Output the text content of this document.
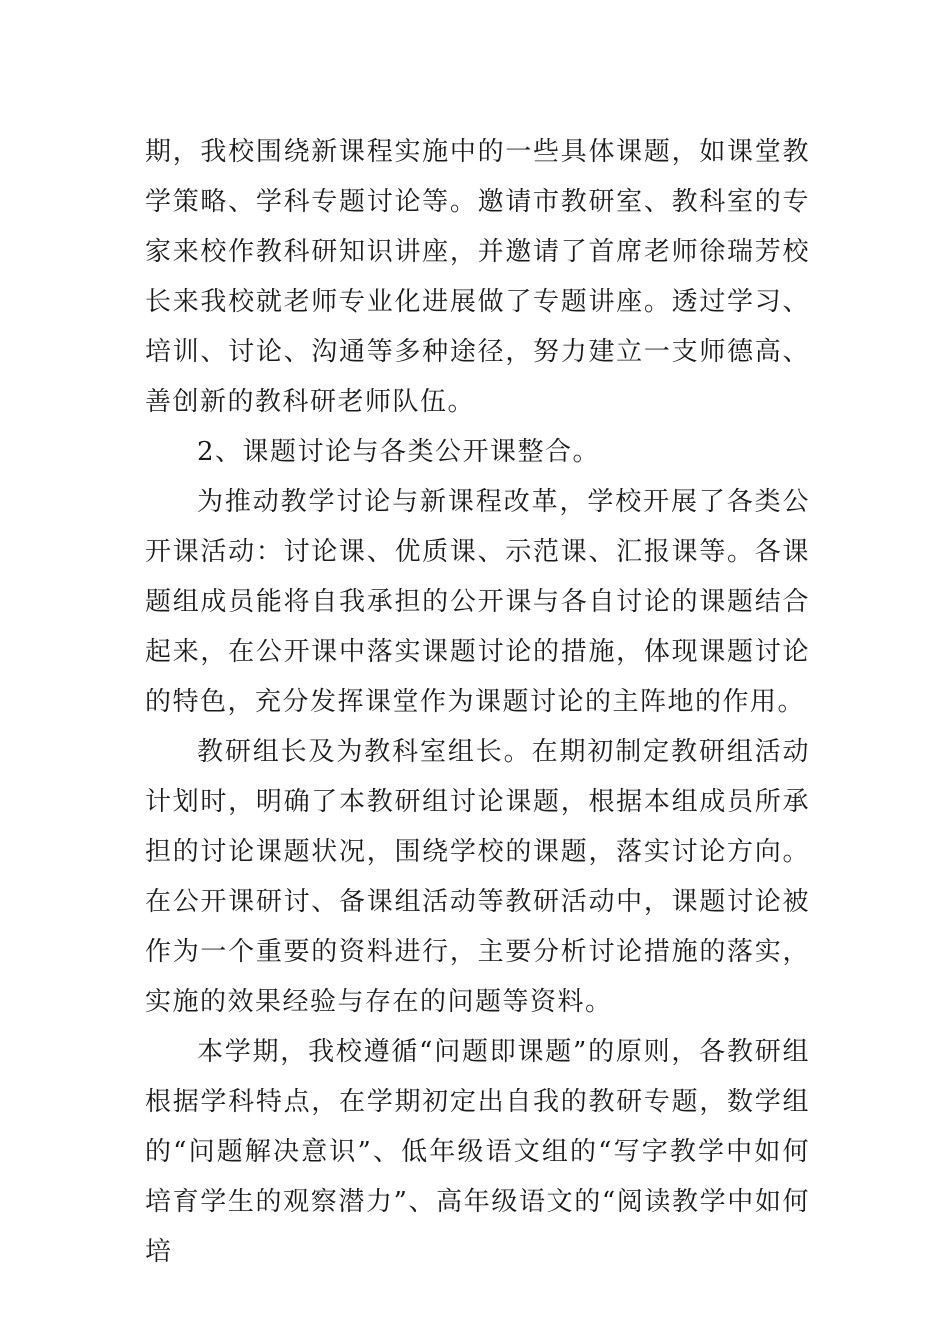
期，我校围绕新课程实施中的一些具体课题，如课堂教学策略、学科专题讨论等。邀请市教研室、教科室的专家来校作教科研知识讲座，并邀请了首席老师徐瑞芳校长来我校就老师专业化进展做了专题讲座。透过学习、培训、讨论、沟通等多种途径，努力建立一支师德高、善创新的教科研老师队伍。

2、课题讨论与各类公开课整合。

为推动教学讨论与新课程改革，学校开展了各类公开课活动：讨论课、优质课、示范课、汇报课等。各课题组成员能将自我承担的公开课与各自讨论的课题结合起来，在公开课中落实课题讨论的措施，体现课题讨论的特色，充分发挥课堂作为课题讨论的主阵地的作用。

教研组长及为教科室组长。在期初制定教研组活动计划时，明确了本教研组讨论课题，根据本组成员所承担的讨论课题状况，围绕学校的课题，落实讨论方向。在公开课研讨、备课组活动等教研活动中，课题讨论被作为一个重要的资料进行，主要分析讨论措施的落实，实施的效果经验与存在的问题等资料。

本学期，我校遵循“问题即课题”的原则，各教研组根据学科特点，在学期初定出自我的教研专题，数学组的“问题解决意识”、低年级语文组的“写字教学中如何培育学生的观察潜力”、高年级语文的“阅读教学中如何培
